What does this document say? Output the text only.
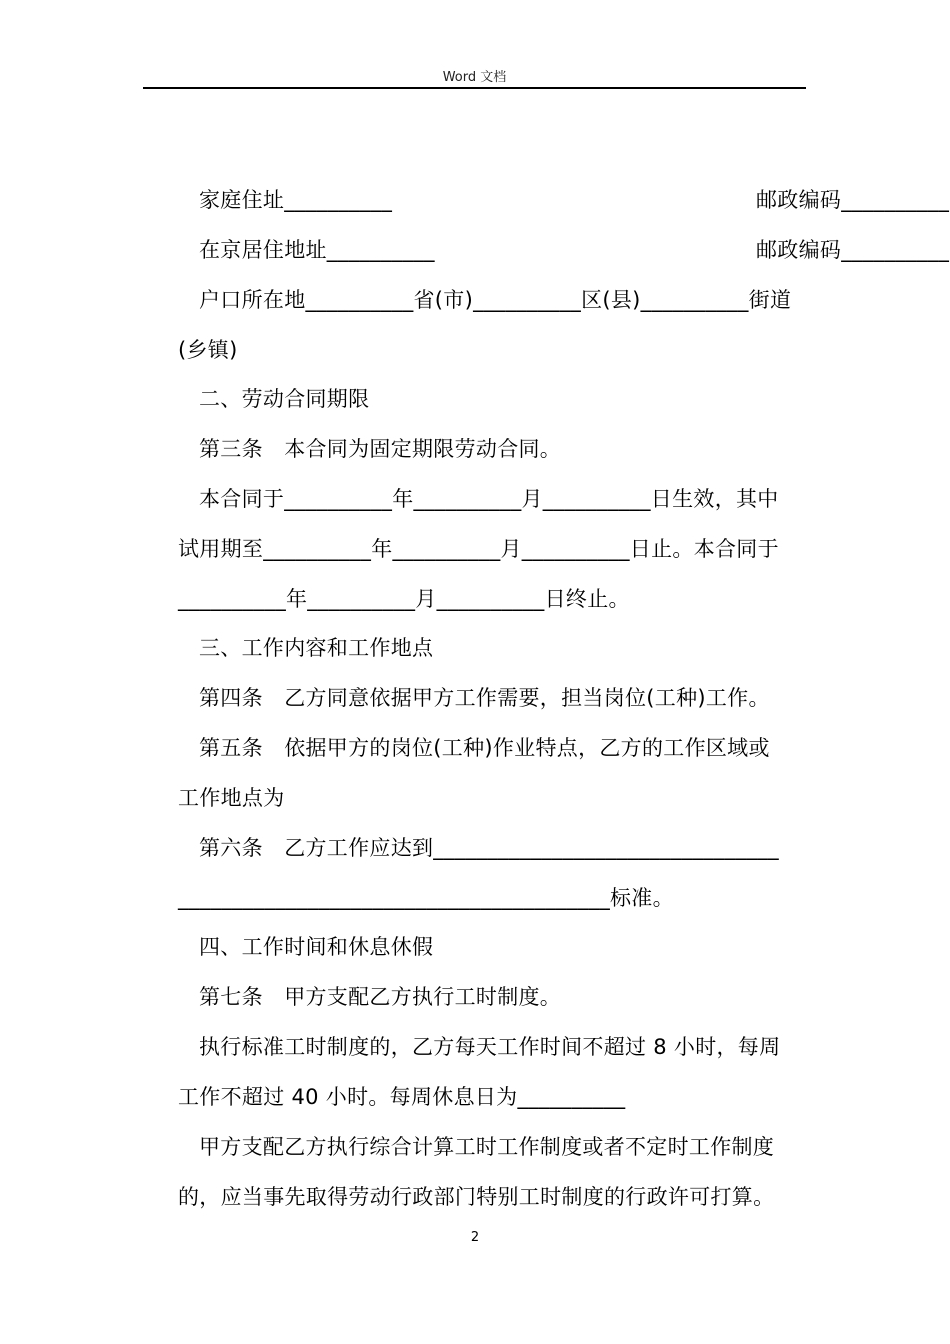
Word 文档
家庭住址__________	邮政编码__________
在京居住地址__________	邮政编码__________
户口所在地__________省(市)__________区(县)__________街道
(乡镇)
二、劳动合同期限
第三条　本合同为固定期限劳动合同。
本合同于__________年__________月__________日生效，其中
试用期至__________年__________月__________日止。本合同于
__________年__________月__________日终止。
三、工作内容和工作地点
第四条　乙方同意依据甲方工作需要，担当岗位(工种)工作。
第五条　依据甲方的岗位(工种)作业特点，乙方的工作区域或
工作地点为
第六条　乙方工作应达到________________________________
________________________________________标准。
四、工作时间和休息休假
第七条　甲方支配乙方执行工时制度。
执行标准工时制度的，乙方每天工作时间不超过 8 小时，每周
工作不超过 40 小时。每周休息日为__________
甲方支配乙方执行综合计算工时工作制度或者不定时工作制度
的，应当事先取得劳动行政部门特别工时制度的行政许可打算。
2
